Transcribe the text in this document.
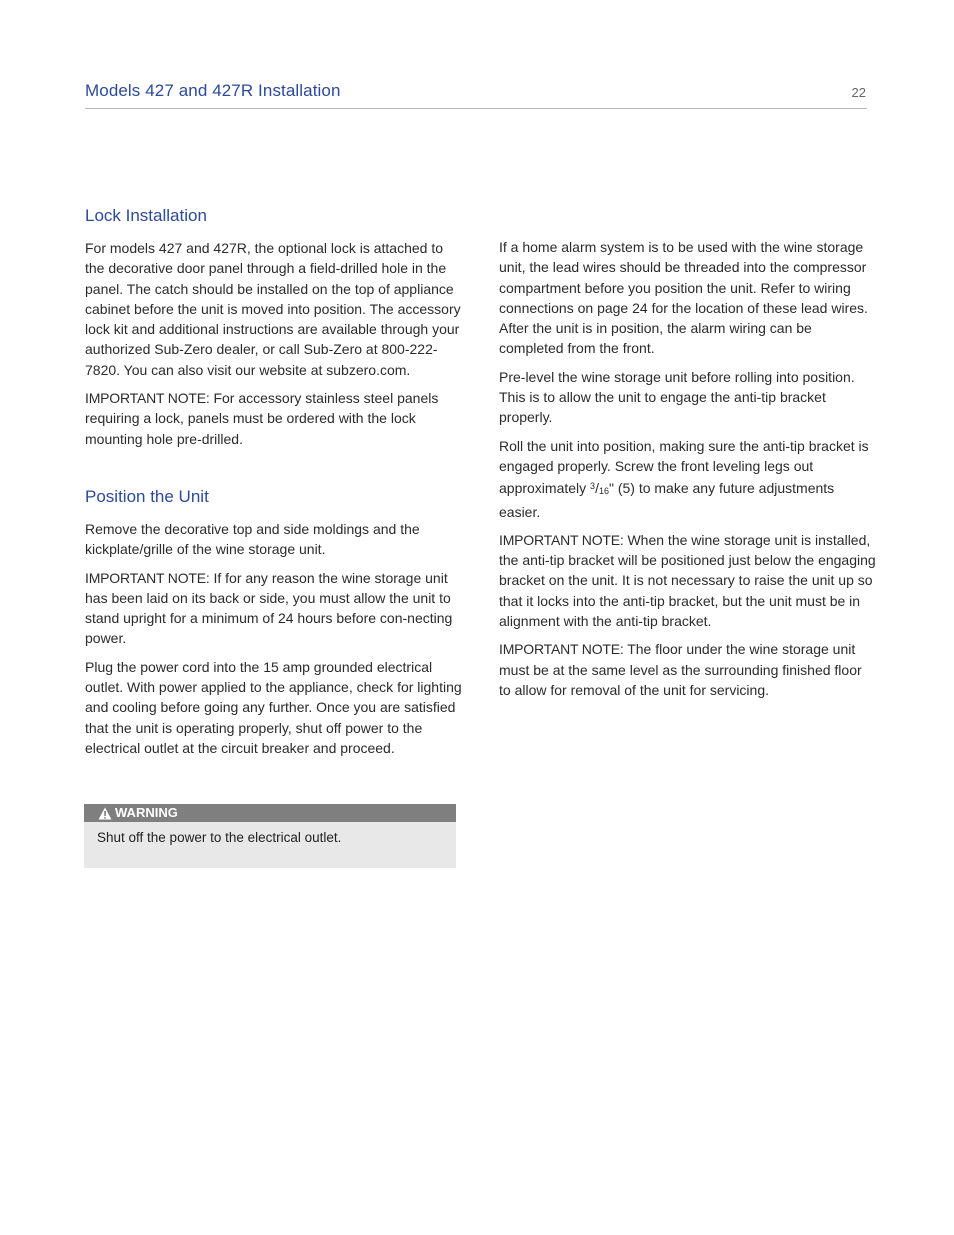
Models 427 and 427R Installation	22
Lock Installation

For models 427 and 427R, the optional lock is attached to the decorative door panel through a field-drilled hole in the panel. The catch should be installed on the top of appliance cabinet before the unit is moved into position. The accessory lock kit and additional instructions are available through your authorized Sub-Zero dealer, or call Sub-Zero at 800-222-7820. You can also visit our website at subzero.com.

IMPORTANT NOTE: For accessory stainless steel panels requiring a lock, panels must be ordered with the lock mounting hole pre-drilled.

Position the Unit

Remove the decorative top and side moldings and the kickplate/grille of the wine storage unit.

IMPORTANT NOTE: If for any reason the wine storage unit has been laid on its back or side, you must allow the unit to stand upright for a minimum of 24 hours before con-necting power.

Plug the power cord into the 15 amp grounded electrical outlet. With power applied to the appliance, check for lighting and cooling before going any further. Once you are satisfied that the unit is operating properly, shut off power to the electrical outlet at the circuit breaker and proceed.

WARNING
Shut off the power to the electrical outlet.

If a home alarm system is to be used with the wine storage unit, the lead wires should be threaded into the compressor compartment before you position the unit. Refer to wiring connections on page 24 for the location of these lead wires. After the unit is in position, the alarm wiring can be completed from the front.

Pre-level the wine storage unit before rolling into position. This is to allow the unit to engage the anti-tip bracket properly.

Roll the unit into position, making sure the anti-tip bracket is engaged properly. Screw the front leveling legs out approximately $^3/_{16}$" (5) to make any future adjustments easier.

IMPORTANT NOTE: When the wine storage unit is installed, the anti-tip bracket will be positioned just below the engaging bracket on the unit. It is not necessary to raise the unit up so that it locks into the anti-tip bracket, but the unit must be in alignment with the anti-tip bracket.

IMPORTANT NOTE: The floor under the wine storage unit must be at the same level as the surrounding finished floor to allow for removal of the unit for servicing.
